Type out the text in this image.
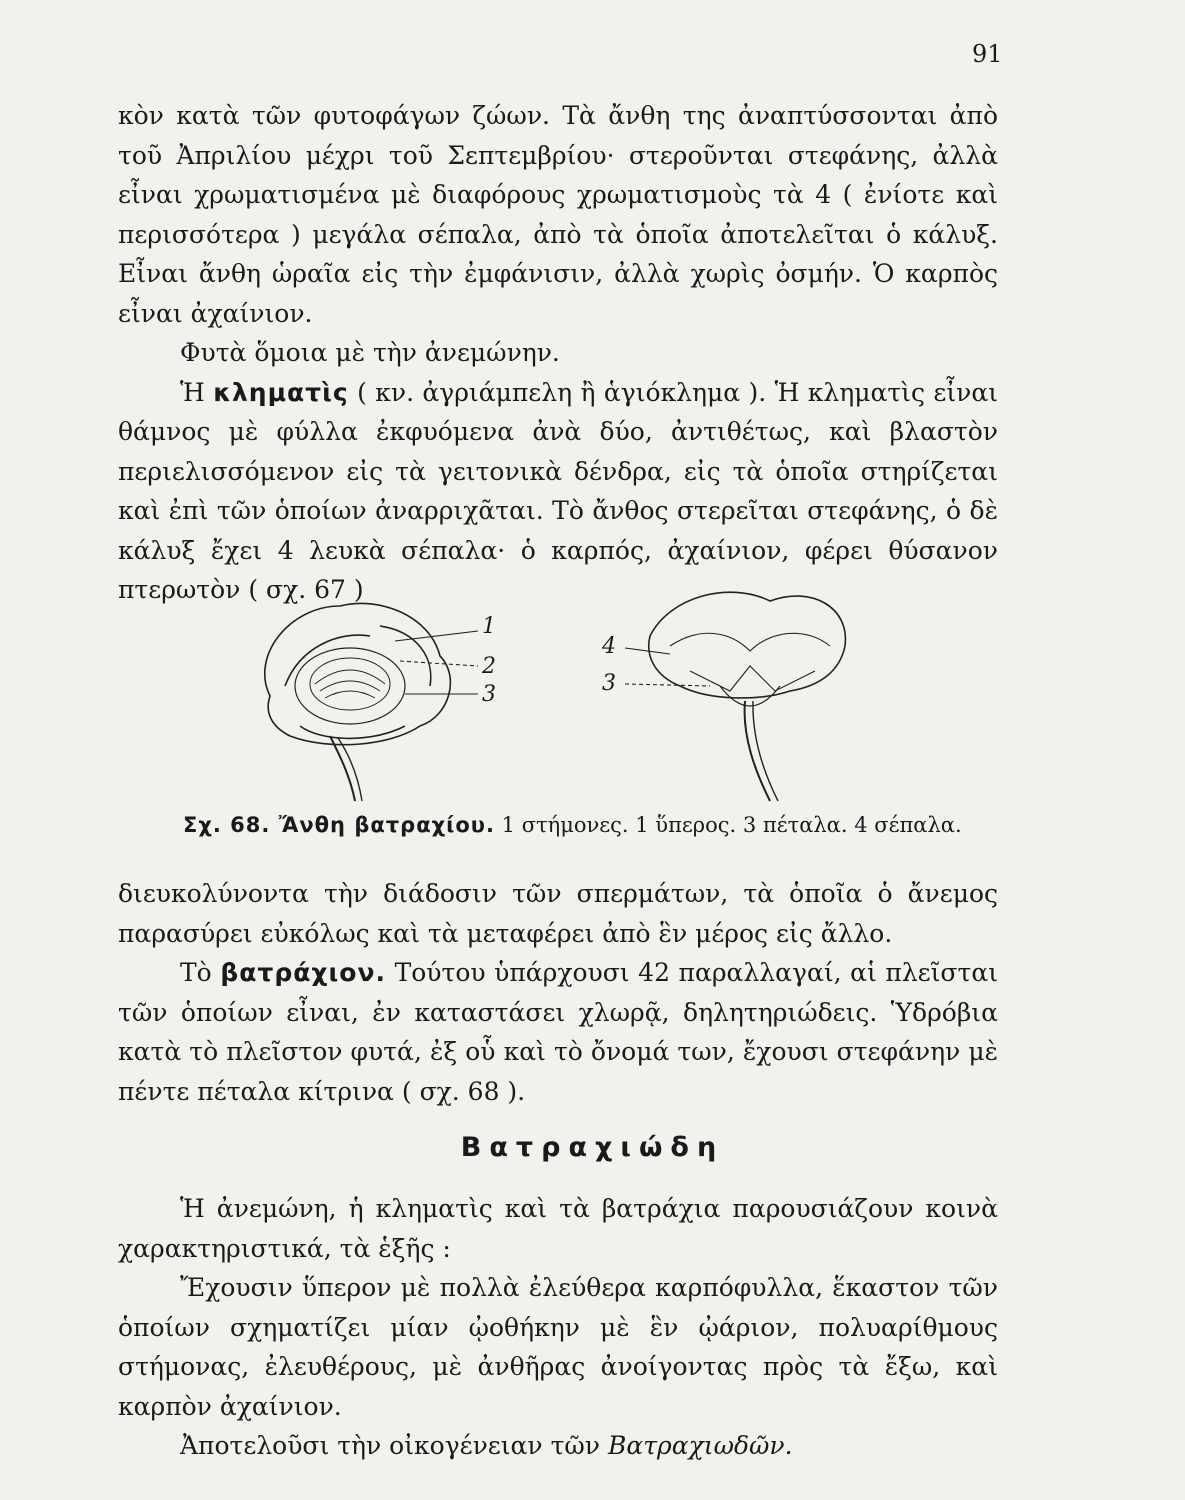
91

κὸν κατὰ τῶν φυτοφάγων ζώων. Τὰ ἄνθη της ἀναπτύσσονται ἀπὸ τοῦ Ἀπριλίου μέχρι τοῦ Σεπτεμβρίου· στεροῦνται στεφάνης, ἀλλὰ εἶναι χρωματισμένα μὲ διαφόρους χρωματισμοὺς τὰ 4 ( ἐνίοτε καὶ περισσότερα ) μεγάλα σέπαλα, ἀπὸ τὰ ὁποῖα ἀποτελεῖται ὁ κάλυξ. Εἶναι ἄνθη ὡραῖα εἰς τὴν ἐμφάνισιν, ἀλλὰ χωρὶς ὀσμήν. Ὁ καρπὸς εἶναι ἀχαίνιον.

Φυτὰ ὅμοια μὲ τὴν ἀνεμώνην.

Ἡ κληματὶς ( κν. ἀγριάμπελη ἢ ἁγιόκλημα ). Ἡ κληματὶς εἶναι θάμνος μὲ φύλλα ἐκφυόμενα ἀνὰ δύο, ἀντιθέτως, καὶ βλαστὸν περιελισσόμενον εἰς τὰ γειτονικὰ δένδρα, εἰς τὰ ὁποῖα στηρίζεται καὶ ἐπὶ τῶν ὁποίων ἀναρριχᾶται. Τὸ ἄνθος στερεῖται στεφάνης, ὁ δὲ κάλυξ ἔχει 4 λευκὰ σέπαλα· ὁ καρπός, ἀχαίνιον, φέρει θύσανον πτερωτὸν ( σχ. 67 )

1
2
3
4
3
Σχ. 68. Ἄνθη βατραχίου. 1 στήμονες. 1 ὕπερος. 3 πέταλα. 4 σέπαλα.

διευκολύνοντα τὴν διάδοσιν τῶν σπερμάτων, τὰ ὁποῖα ὁ ἄνεμος παρασύρει εὐκόλως καὶ τὰ μεταφέρει ἀπὸ ἓν μέρος εἰς ἄλλο.

Τὸ βατράχιον. Τούτου ὑπάρχουσι 42 παραλλαγαί, αἱ πλεῖσται τῶν ὁποίων εἶναι, ἐν καταστάσει χλωρᾷ, δηλητηριώδεις. Ὑδρόβια κατὰ τὸ πλεῖστον φυτά, ἐξ οὗ καὶ τὸ ὄνομά των, ἔχουσι στεφάνην μὲ πέντε πέταλα κίτρινα ( σχ. 68 ).

Βατραχιώδη

Ἡ ἀνεμώνη, ἡ κληματὶς καὶ τὰ βατράχια παρουσιάζουν κοινὰ χαρακτηριστικά, τὰ ἑξῆς :

Ἔχουσιν ὕπερον μὲ πολλὰ ἐλεύθερα καρπόφυλλα, ἕκαστον τῶν ὁποίων σχηματίζει μίαν ᾠοθήκην μὲ ἓν ᾠάριον, πολυαρίθμους στήμονας, ἐλευθέρους, μὲ ἀνθῆρας ἀνοίγοντας πρὸς τὰ ἔξω, καὶ καρπὸν ἀχαίνιον.

Ἀποτελοῦσι τὴν οἰκογένειαν τῶν Βατραχιωδῶν.
